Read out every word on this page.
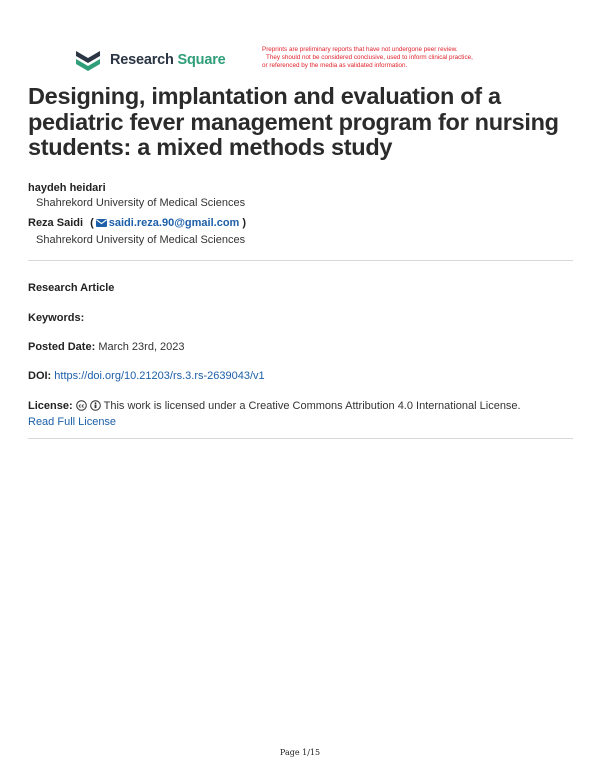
Research Square
Preprints are preliminary reports that have not undergone peer review.
They should not be considered conclusive, used to inform clinical practice,
or referenced by the media as validated information.
Designing, implantation and evaluation of a pediatric fever management program for nursing students: a mixed methods study
haydeh heidari
Shahrekord University of Medical Sciences
Reza Saidi ( saidi.reza.90@gmail.com )
Shahrekord University of Medical Sciences
Research Article
Keywords:
Posted Date: March 23rd, 2023
DOI: https://doi.org/10.21203/rs.3.rs-2639043/v1
License: cc This work is licensed under a Creative Commons Attribution 4.0 International License.
Read Full License
Page 1/15
